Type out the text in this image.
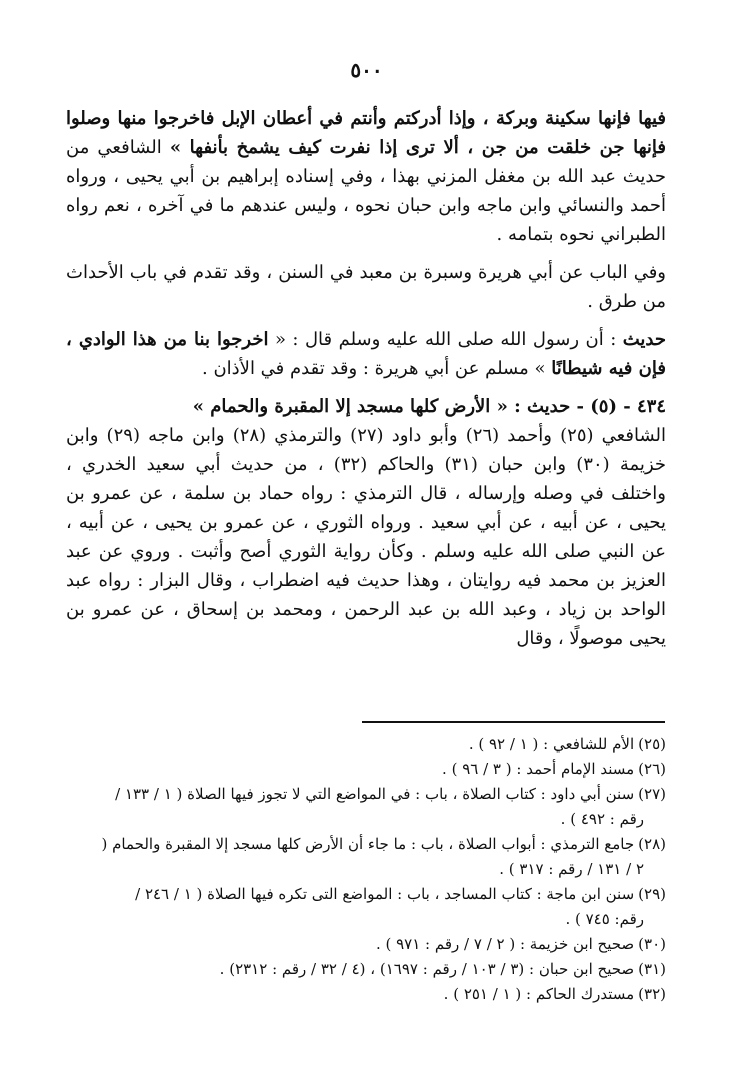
٥٠٠

فيها فإنها سكينة وبركة ، وإذا أدركتم وأنتم في أعطان الإبل فاخرجوا منها وصلوا فإنها جن خلقت من جن ، ألا ترى إذا نفرت كيف يشمخ بأنفها » الشافعي من حديث عبد الله بن مغفل المزني بهذا ، وفي إسناده إبراهيم بن أبي يحيى ، ورواه أحمد والنسائي وابن ماجه وابن حبان نحوه ، وليس عندهم ما في آخره ، نعم رواه الطبراني نحوه بتمامه .

وفي الباب عن أبي هريرة وسبرة بن معبد في السنن ، وقد تقدم في باب الأحداث من طرق .

حديث : أن رسول الله صلى الله عليه وسلم قال : « اخرجوا بنا من هذا الوادي ، فإن فيه شيطانًا » مسلم عن أبي هريرة : وقد تقدم في الأذان .

٤٣٤ - (٥) - حديث : « الأرض كلها مسجد إلا المقبرة والحمام »
الشافعي (٢٥) وأحمد (٢٦) وأبو داود (٢٧) والترمذي (٢٨) وابن ماجه (٢٩) وابن خزيمة (٣٠) وابن حبان (٣١) والحاكم (٣٢) ، من حديث أبي سعيد الخدري ، واختلف في وصله وإرساله ، قال الترمذي : رواه حماد بن سلمة ، عن عمرو بن يحيى ، عن أبيه ، عن أبي سعيد . ورواه الثوري ، عن عمرو بن يحيى ، عن أبيه ، عن النبي صلى الله عليه وسلم . وكأن رواية الثوري أصح وأثبت . وروي عن عبد العزيز بن محمد فيه روايتان ، وهذا حديث فيه اضطراب ، وقال البزار : رواه عبد الواحد بن زياد ، وعبد الله بن عبد الرحمن ، ومحمد بن إسحاق ، عن عمرو بن يحيى موصولًا ، وقال

(٢٥)الأم للشافعي : ( ١ / ٩٢ ) .

(٢٦)مسند الإمام أحمد : ( ٣ / ٩٦ ) .

(٢٧)سنن أبي داود : كتاب الصلاة ، باب : في المواضع التي لا تجوز فيها الصلاة ( ١ / ١٣٣ /
رقم : ٤٩٢ ) .

(٢٨)جامع الترمذي : أبواب الصلاة ، باب : ما جاء أن الأرض كلها مسجد إلا المقبرة والحمام (
٢ / ١٣١ / رقم : ٣١٧ ) .

(٢٩)سنن ابن ماجة : كتاب المساجد ، باب : المواضع التى تكره فيها الصلاة ( ١ / ٢٤٦ /
رقم: ٧٤٥ ) .

(٣٠)صحيح ابن خزيمة : ( ٢ / ٧ / رقم : ٩٧١ ) .

(٣١)صحيح ابن حبان : (٣ / ١٠٣ / رقم : ١٦٩٧) ، (٤ / ٣٢ / رقم : ٢٣١٢) .

(٣٢)مستدرك الحاكم : ( ١ / ٢٥١ ) .
